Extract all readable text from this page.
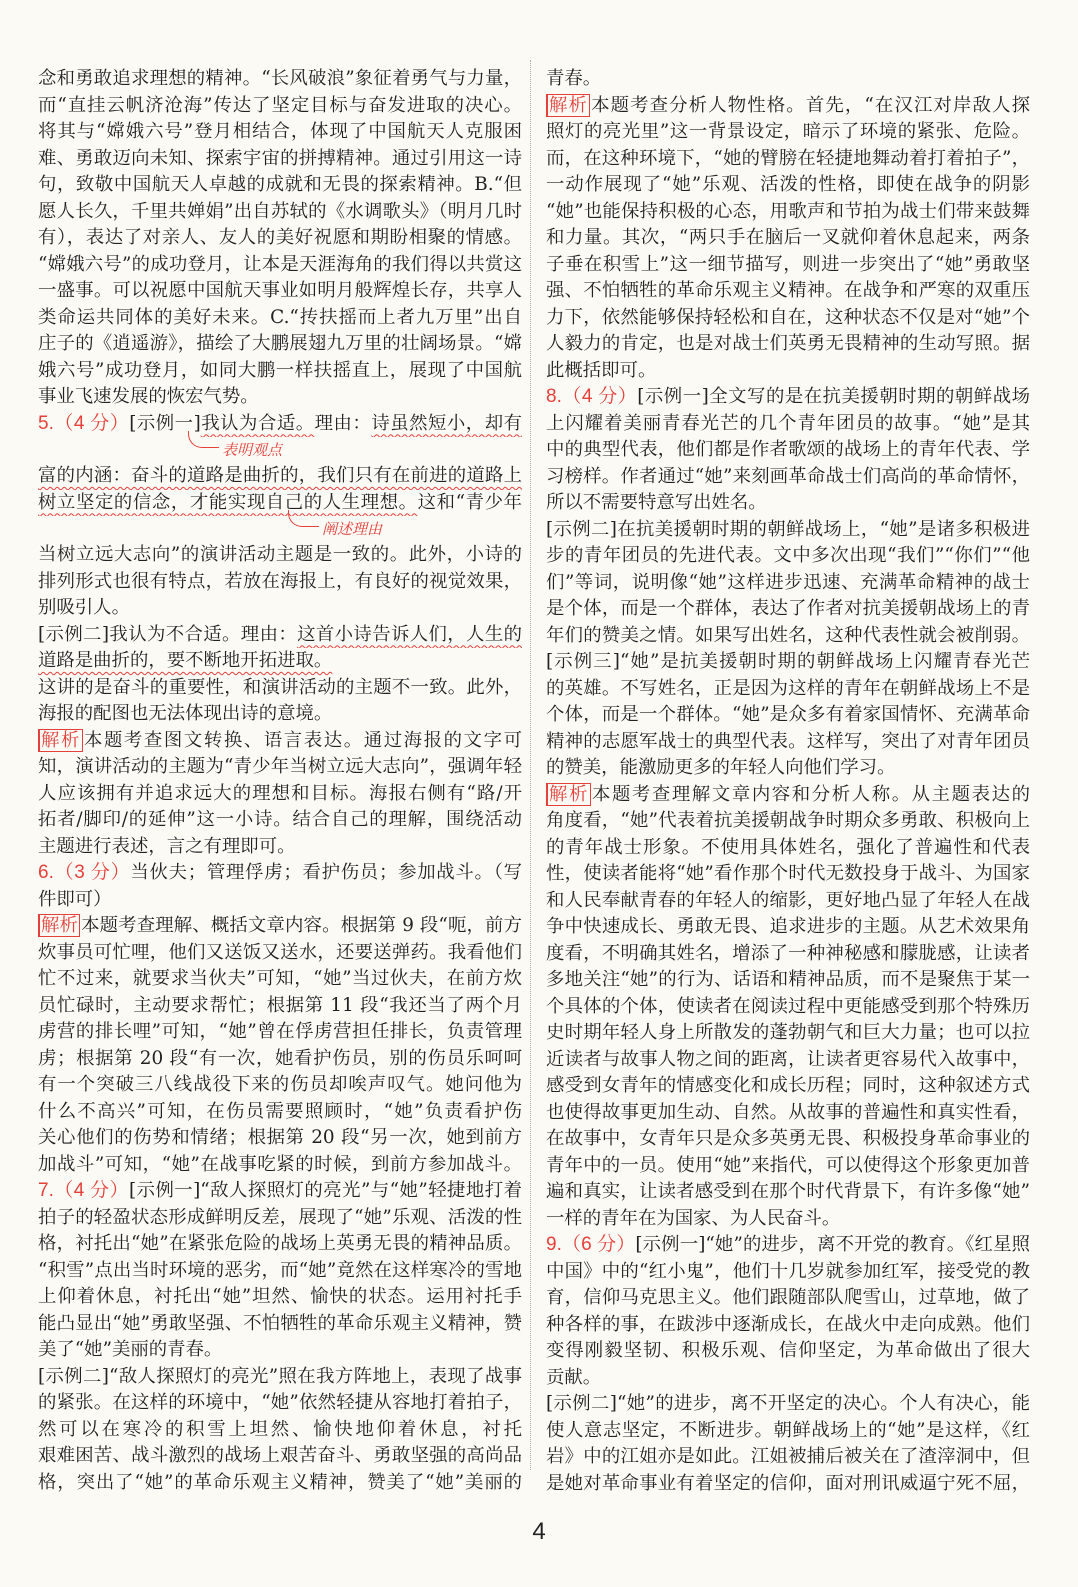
念和勇敢追求理想的精神。“长风破浪”象征着勇气与力量，
而“直挂云帆济沧海”传达了坚定目标与奋发进取的决心。
将其与“嫦娥六号”登月相结合，体现了中国航天人克服困
难、勇敢迈向未知、探索宇宙的拼搏精神。通过引用这一诗
句，致敬中国航天人卓越的成就和无畏的探索精神。B.“但
愿人长久，千里共婵娟”出自苏轼的《水调歌头》（明月几时
有），表达了对亲人、友人的美好祝愿和期盼相聚的情感。
“嫦娥六号”的成功登月，让本是天涯海角的我们得以共赏这
一盛事。可以祝愿中国航天事业如明月般辉煌长存，共享人
类命运共同体的美好未来。C.“抟扶摇而上者九万里”出自
庄子的《逍遥游》，描绘了大鹏展翅九万里的壮阔场景。“嫦
娥六号”成功登月，如同大鹏一样扶摇直上，展现了中国航
事业飞速发展的恢宏气势。
5.（4 分）[示例一]我认为合适。理由：诗虽然短小，却有
表明观点
富的内涵：奋斗的道路是曲折的，我们只有在前进的道路上
树立坚定的信念，才能实现自己的人生理想。这和“青少年
阐述理由
当树立远大志向”的演讲活动主题是一致的。此外，小诗的
排列形式也很有特点，若放在海报上，有良好的视觉效果，
别吸引人。
[示例二]我认为不合适。理由：这首小诗告诉人们，人生的
道路是曲折的，要不断地开拓进取。
这讲的是奋斗的重要性，和演讲活动的主题不一致。此外，
海报的配图也无法体现出诗的意境。
解析 本题考查图文转换、语言表达。通过海报的文字可
知，演讲活动的主题为“青少年当树立远大志向”，强调年轻
人应该拥有并追求远大的理想和目标。海报右侧有“路/开
拓者/脚印/的延伸”这一小诗。结合自己的理解，围绕活动
主题进行表述，言之有理即可。
6.（3 分）当伙夫；管理俘虏；看护伤员；参加战斗。（写
件即可）
解析 本题考查理解、概括文章内容。根据第 9 段“呃，前方
炊事员可忙哩，他们又送饭又送水，还要送弹药。我看他们
忙不过来，就要求当伙夫”可知，“她”当过伙夫，在前方炊
员忙碌时，主动要求帮忙；根据第 11 段“我还当了两个月
虏营的排长哩”可知，“她”曾在俘虏营担任排长，负责管理
虏；根据第 20 段“有一次，她看护伤员，别的伤员乐呵呵
有一个突破三八线战役下来的伤员却唉声叹气。她问他为
什么不高兴”可知，在伤员需要照顾时，“她”负责看护伤
关心他们的伤势和情绪；根据第 20 段“另一次，她到前方
加战斗”可知，“她”在战事吃紧的时候，到前方参加战斗。
7.（4 分）[示例一]“敌人探照灯的亮光”与“她”轻捷地打着
拍子的轻盈状态形成鲜明反差，展现了“她”乐观、活泼的性
格，衬托出“她”在紧张危险的战场上英勇无畏的精神品质。
“积雪”点出当时环境的恶劣，而“她”竟然在这样寒冷的雪地
上仰着休息，衬托出“她”坦然、愉快的状态。运用衬托手
能凸显出“她”勇敢坚强、不怕牺牲的革命乐观主义精神，赞
美了“她”美丽的青春。
[示例二]“敌人探照灯的亮光”照在我方阵地上，表现了战事
的紧张。在这样的环境中，“她”依然轻捷从容地打着拍子，
然可以在寒冷的积雪上坦然、愉快地仰着休息，衬托
艰难困苦、战斗激烈的战场上艰苦奋斗、勇敢坚强的高尚品
格，突出了“她”的革命乐观主义精神，赞美了“她”美丽的
青春。
解析 本题考查分析人物性格。首先，“在汉江对岸敌人探
照灯的亮光里”这一背景设定，暗示了环境的紧张、危险。
而，在这种环境下，“她的臂膀在轻捷地舞动着打着拍子”，
一动作展现了“她”乐观、活泼的性格，即使在战争的阴影
“她”也能保持积极的心态，用歌声和节拍为战士们带来鼓舞
和力量。其次，“两只手在脑后一叉就仰着休息起来，两条
子垂在积雪上”这一细节描写，则进一步突出了“她”勇敢坚
强、不怕牺牲的革命乐观主义精神。在战争和严寒的双重压
力下，依然能够保持轻松和自在，这种状态不仅是对“她”个
人毅力的肯定，也是对战士们英勇无畏精神的生动写照。据
此概括即可。
8.（4 分）[示例一]全文写的是在抗美援朝时期的朝鲜战场
上闪耀着美丽青春光芒的几个青年团员的故事。“她”是其
中的典型代表，他们都是作者歌颂的战场上的青年代表、学
习榜样。作者通过“她”来刻画革命战士们高尚的革命情怀，
所以不需要特意写出姓名。
[示例二]在抗美援朝时期的朝鲜战场上，“她”是诸多积极进
步的青年团员的先进代表。文中多次出现“我们”“你们”“他
们”等词，说明像“她”这样进步迅速、充满革命精神的战士
是个体，而是一个群体，表达了作者对抗美援朝战场上的青
年们的赞美之情。如果写出姓名，这种代表性就会被削弱。
[示例三]“她”是抗美援朝时期的朝鲜战场上闪耀青春光芒
的英雄。不写姓名，正是因为这样的青年在朝鲜战场上不是
个体，而是一个群体。“她”是众多有着家国情怀、充满革命
精神的志愿军战士的典型代表。这样写，突出了对青年团员
的赞美，能激励更多的年轻人向他们学习。
解析 本题考查理解文章内容和分析人称。从主题表达的
角度看，“她”代表着抗美援朝战争时期众多勇敢、积极向上
的青年战士形象。不使用具体姓名，强化了普遍性和代表
性，使读者能将“她”看作那个时代无数投身于战斗、为国家
和人民奉献青春的年轻人的缩影，更好地凸显了年轻人在战
争中快速成长、勇敢无畏、追求进步的主题。从艺术效果角
度看，不明确其姓名，增添了一种神秘感和朦胧感，让读者
多地关注“她”的行为、话语和精神品质，而不是聚焦于某一
个具体的个体，使读者在阅读过程中更能感受到那个特殊历
史时期年轻人身上所散发的蓬勃朝气和巨大力量；也可以拉
近读者与故事人物之间的距离，让读者更容易代入故事中，
感受到女青年的情感变化和成长历程；同时，这种叙述方式
也使得故事更加生动、自然。从故事的普遍性和真实性看，
在故事中，女青年只是众多英勇无畏、积极投身革命事业的
青年中的一员。使用“她”来指代，可以使得这个形象更加普
遍和真实，让读者感受到在那个时代背景下，有许多像“她”
一样的青年在为国家、为人民奋斗。
9.（6 分）[示例一]“她”的进步，离不开党的教育。《红星照
中国》中的“红小鬼”，他们十几岁就参加红军，接受党的教
育，信仰马克思主义。他们跟随部队爬雪山，过草地，做了
种各样的事，在跋涉中逐渐成长，在战火中走向成熟。他们
变得刚毅坚韧、积极乐观、信仰坚定，为革命做出了很大
贡献。
[示例二]“她”的进步，离不开坚定的决心。个人有决心，能
使人意志坚定，不断进步。朝鲜战场上的“她”是这样，《红
岩》中的江姐亦是如此。江姐被捕后被关在了渣滓洞中，但
是她对革命事业有着坚定的信仰，面对刑讯威逼宁死不屈，
4
